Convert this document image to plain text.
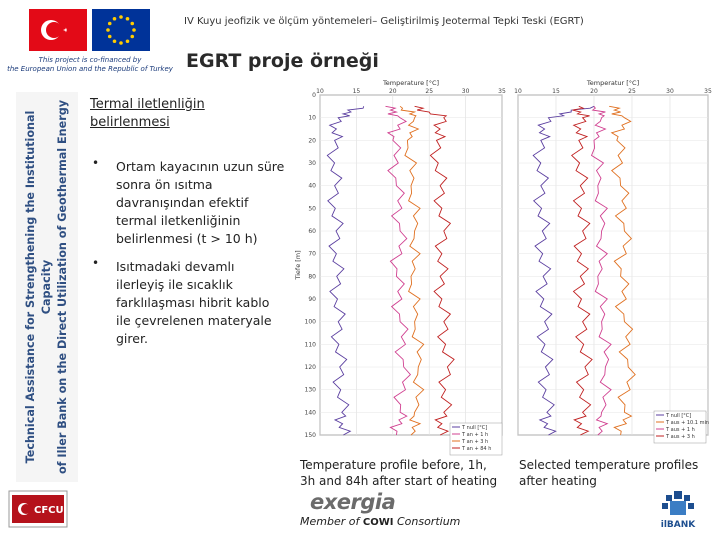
This project is co-financed by
the European Union and the Republic of Turkey
IV Kuyu jeofizik ve ölçüm yöntemeleri– Geliştirilmiş Jeotermal Tepki Teski (EGRT)
EGRT proje örneği
Technical Assistance for Strengthening the Institutional Capacity of Iller Bank on the Direct Utilization of Geothermal Energy Termal iletlenliğin belirlenmesi
• Ortam kayacının uzun süre sonra ön ısıtma davranışından efektif termal iletkenliğinin belirlenmesi (t > 10 h)
• Isıtmadaki devamlı ilerleyiş ile sıcaklık farklılaşması hibrit kablo ile çevrelenen materyale girer.
10	15	20	25	30	35
0
10
20
30
40
50
60
70
80
90
100
110
120
130
140
150
Temperature [°C]
Tiefe [m]
T null [°C]
T an + 1 h
T an + 3 h
T an + 84 h
10	15	20	25	30	35
Temperatur [°C]
T null [°C]
T aus + 10.1 min
T aus + 1 h
T aus + 3 h
Temperature profile before, 1h, 3h and 84h after start of heating
Selected temperature profiles after heating
CFCU	exergia
Member of COWI Consortium	ilBANK
